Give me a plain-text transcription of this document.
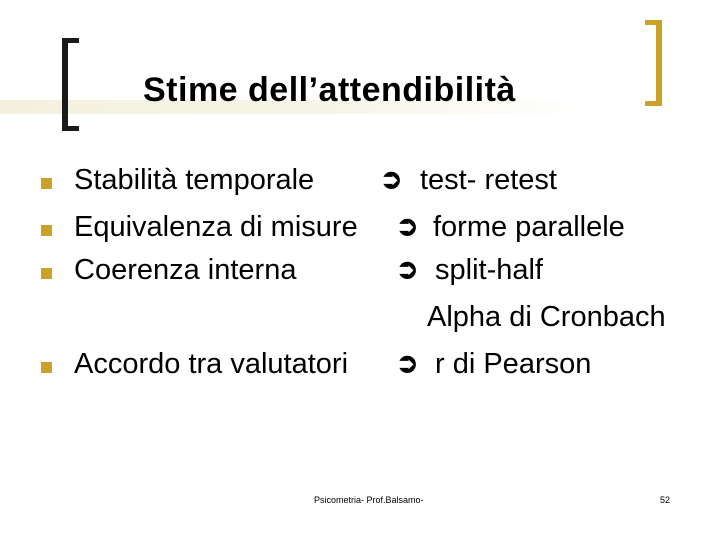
Stime dell’attendibilità
Stabilità temporale ➲ test- retest
Equivalenza di misure ➲ forme parallele
Coerenza interna	➲ split-half
Alpha di Cronbach
Accordo tra valutatori ➲ r di Pearson
Psicometria- Prof.Balsamo-	52
